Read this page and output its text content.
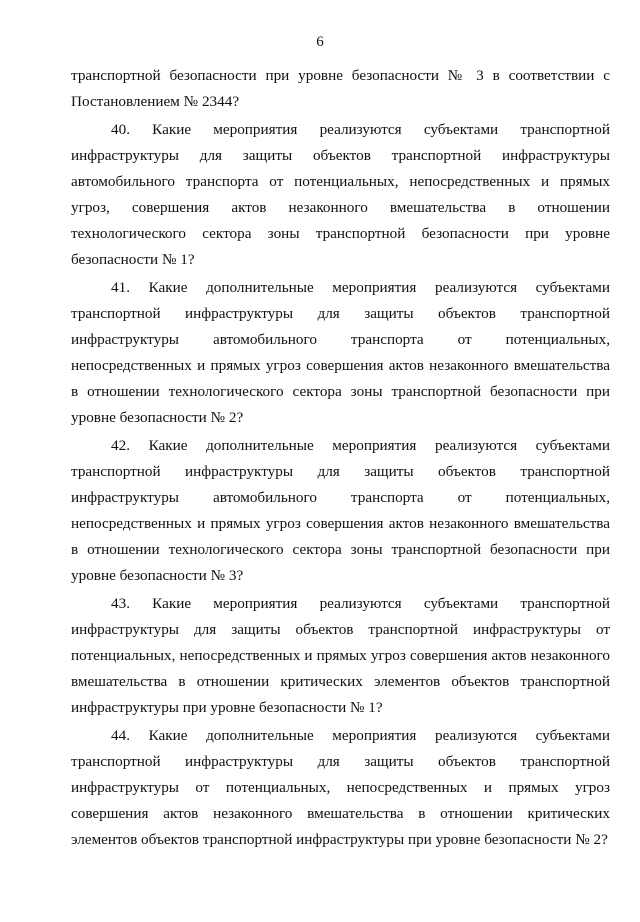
6

транспортной безопасности при уровне безопасности № 3 в соответствии с Постановлением № 2344?

40. Какие мероприятия реализуются субъектами транспортной инфраструктуры для защиты объектов транспортной инфраструктуры автомобильного транспорта от потенциальных, непосредственных и прямых угроз, совершения актов незаконного вмешательства в отношении технологического сектора зоны транспортной безопасности при уровне безопасности № 1?

41. Какие дополнительные мероприятия реализуются субъектами транспортной инфраструктуры для защиты объектов транспортной инфраструктуры автомобильного транспорта от потенциальных, непосредственных и прямых угроз совершения актов незаконного вмешательства в отношении технологического сектора зоны транспортной безопасности при уровне безопасности № 2?

42. Какие дополнительные мероприятия реализуются субъектами транспортной инфраструктуры для защиты объектов транспортной инфраструктуры автомобильного транспорта от потенциальных, непосредственных и прямых угроз совершения актов незаконного вмешательства в отношении технологического сектора зоны транспортной безопасности при уровне безопасности № 3?

43. Какие мероприятия реализуются субъектами транспортной инфраструктуры для защиты объектов транспортной инфраструктуры от потенциальных, непосредственных и прямых угроз совершения актов незаконного вмешательства в отношении критических элементов объектов транспортной инфраструктуры при уровне безопасности № 1?

44. Какие дополнительные мероприятия реализуются субъектами транспортной инфраструктуры для защиты объектов транспортной инфраструктуры от потенциальных, непосредственных и прямых угроз совершения актов незаконного вмешательства в отношении критических элементов объектов транспортной инфраструктуры при уровне безопасности № 2?
